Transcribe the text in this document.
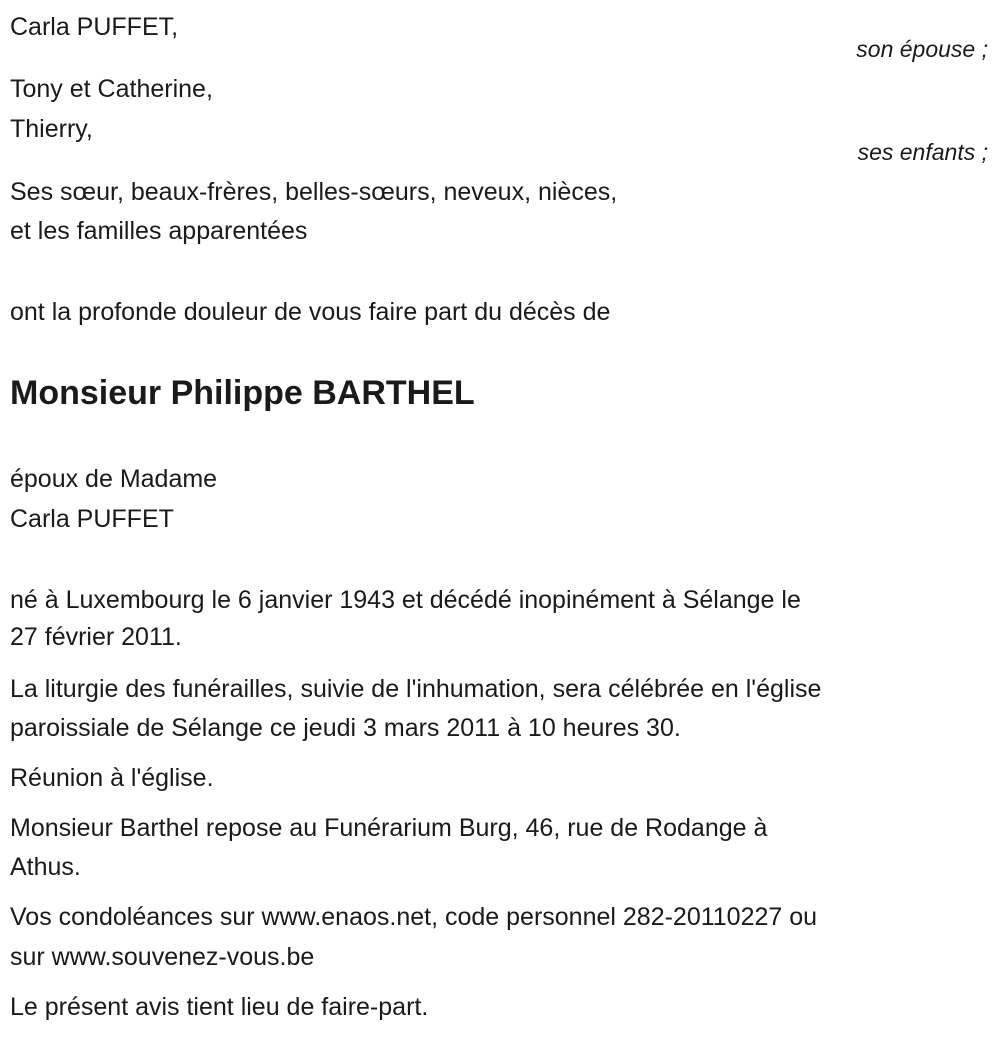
Carla PUFFET,
son épouse ;
Tony et Catherine,
Thierry,
ses enfants ;
Ses sœur, beaux-frères, belles-sœurs, neveux, nièces,
et les familles apparentées
ont la profonde douleur de vous faire part du décès de
Monsieur Philippe BARTHEL
époux de Madame
Carla PUFFET
né à Luxembourg le 6 janvier 1943 et décédé inopinément à Sélange le
27 février 2011.
La liturgie des funérailles, suivie de l'inhumation, sera célébrée en l'église
paroissiale de Sélange ce jeudi 3 mars 2011 à 10 heures 30.
Réunion à l'église.
Monsieur Barthel repose au Funérarium Burg, 46, rue de Rodange à
Athus.
Vos condoléances sur www.enaos.net, code personnel 282-20110227 ou
sur www.souvenez-vous.be
Le présent avis tient lieu de faire-part.
